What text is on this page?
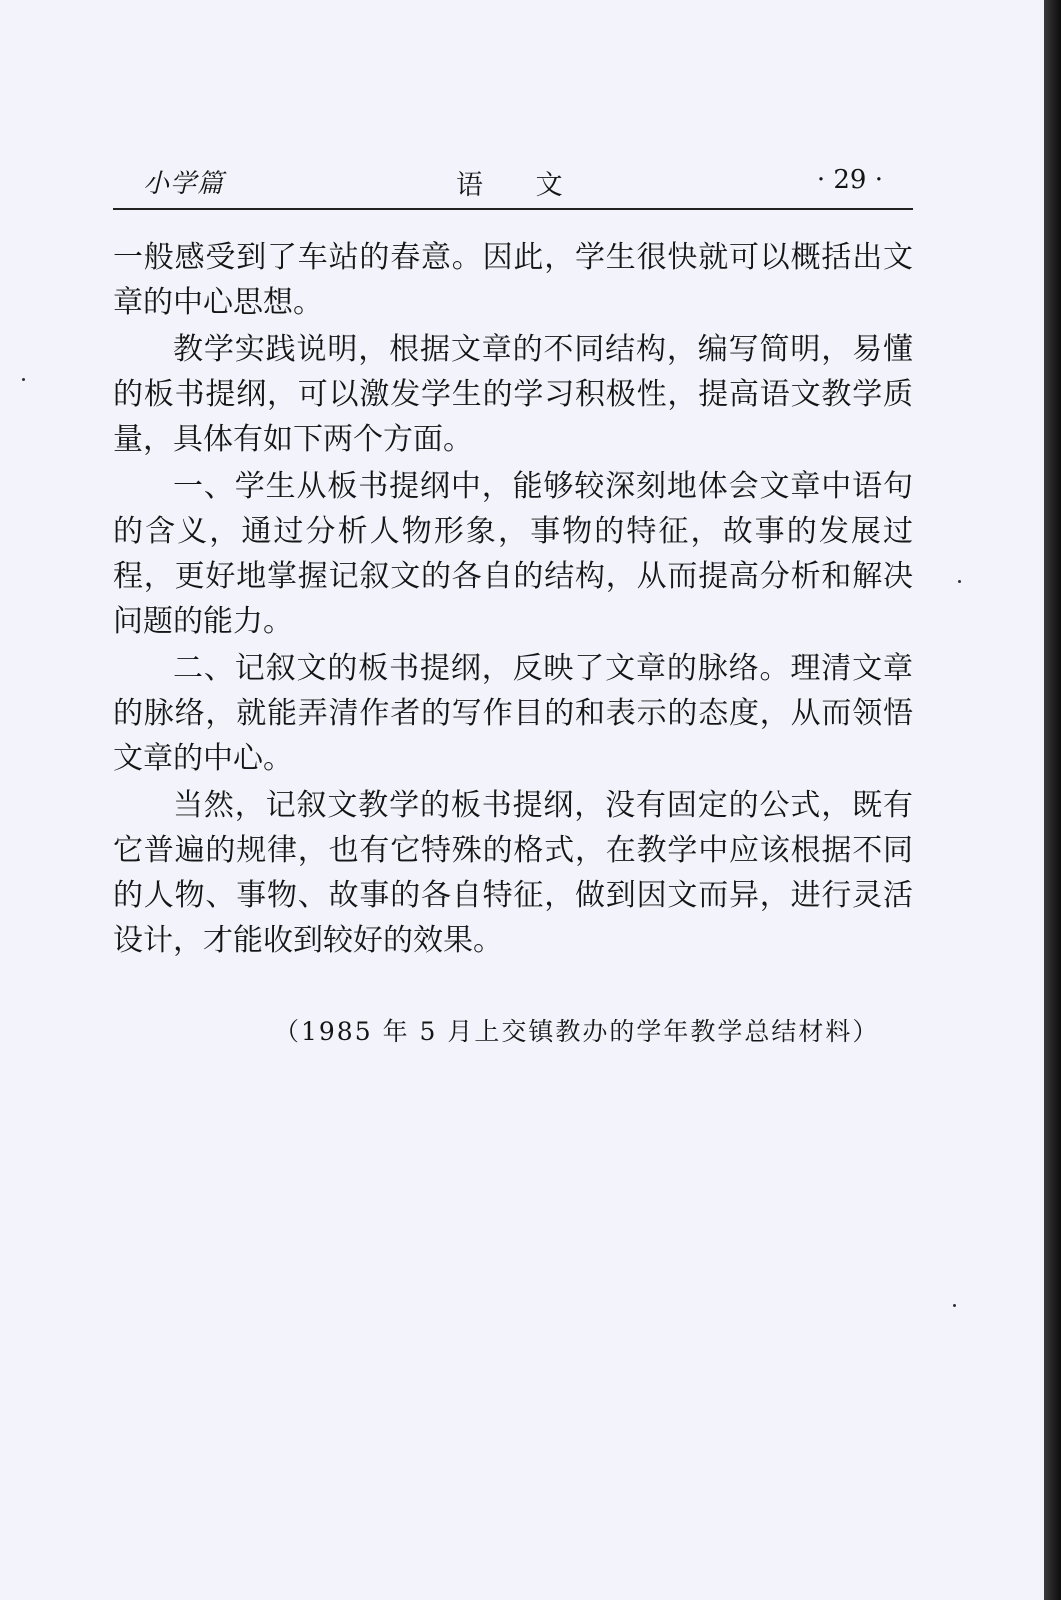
小学篇	语 文	· 29 ·

一般感受到了车站的春意。因此，学生很快就可以概括出文章的中心思想。

教学实践说明，根据文章的不同结构，编写简明，易懂的板书提纲，可以激发学生的学习积极性，提高语文教学质量，具体有如下两个方面。

一、学生从板书提纲中，能够较深刻地体会文章中语句的含义，通过分析人物形象，事物的特征，故事的发展过程，更好地掌握记叙文的各自的结构，从而提高分析和解决问题的能力。

二、记叙文的板书提纲，反映了文章的脉络。理清文章的脉络，就能弄清作者的写作目的和表示的态度，从而领悟文章的中心。

当然，记叙文教学的板书提纲，没有固定的公式，既有它普遍的规律，也有它特殊的格式，在教学中应该根据不同的人物、事物、故事的各自特征，做到因文而异，进行灵活设计，才能收到较好的效果。

（1985 年 5 月上交镇教办的学年教学总结材料）
